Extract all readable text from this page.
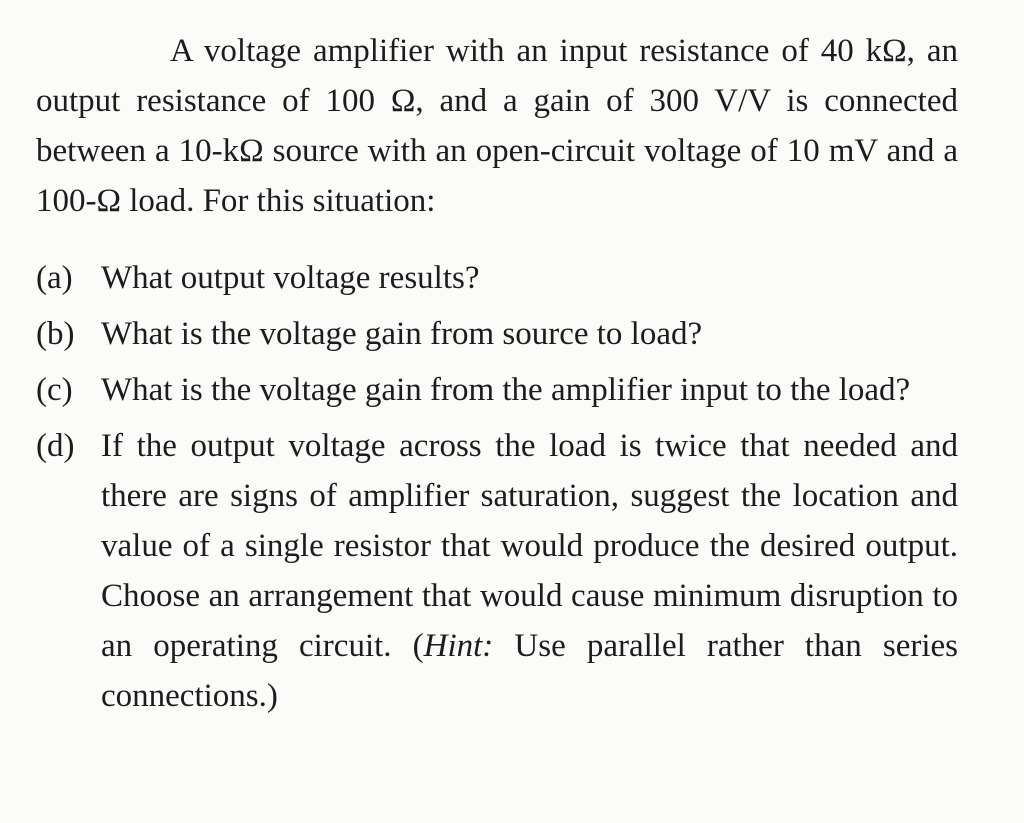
A voltage amplifier with an input resistance of 40 kΩ, an output resistance of 100 Ω, and a gain of 300 V/V is connected between a 10-kΩ source with an open-circuit voltage of 10 mV and a 100-Ω load. For this situation:

(a) What output voltage results?
(b) What is the voltage gain from source to load?
(c) What is the voltage gain from the amplifier input to the load?
(d) If the output voltage across the load is twice that needed and there are signs of amplifier saturation, suggest the location and value of a single resistor that would produce the desired output. Choose an arrangement that would cause minimum disruption to an operating circuit. (Hint: Use parallel rather than series connections.)
